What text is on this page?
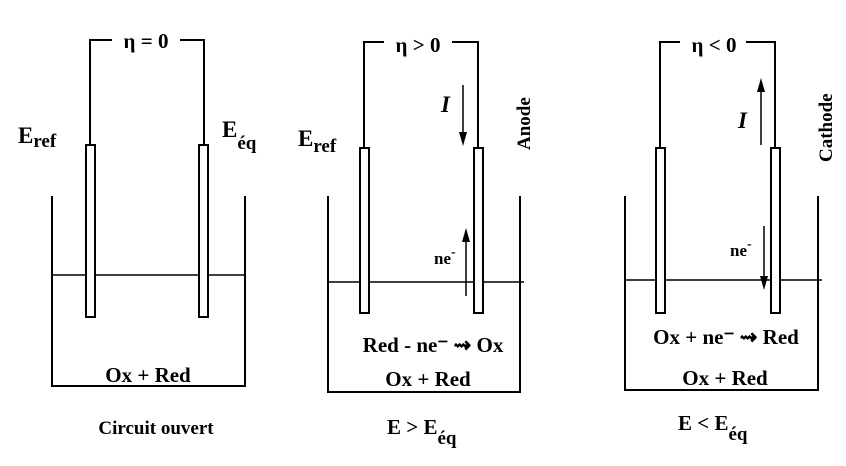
η = 0
Eref	$E_{éq}$
Ox + Red
Circuit ouvert
η > 0
I
ne-
$E_{ref}$	Anode
Red - ne⁻ ⇝ Ox
Ox + Red
E > Eéq
η < 0
I
ne-
Cathode
Ox + ne⁻ ⇝ Red
Ox + Red
E < Eéq
